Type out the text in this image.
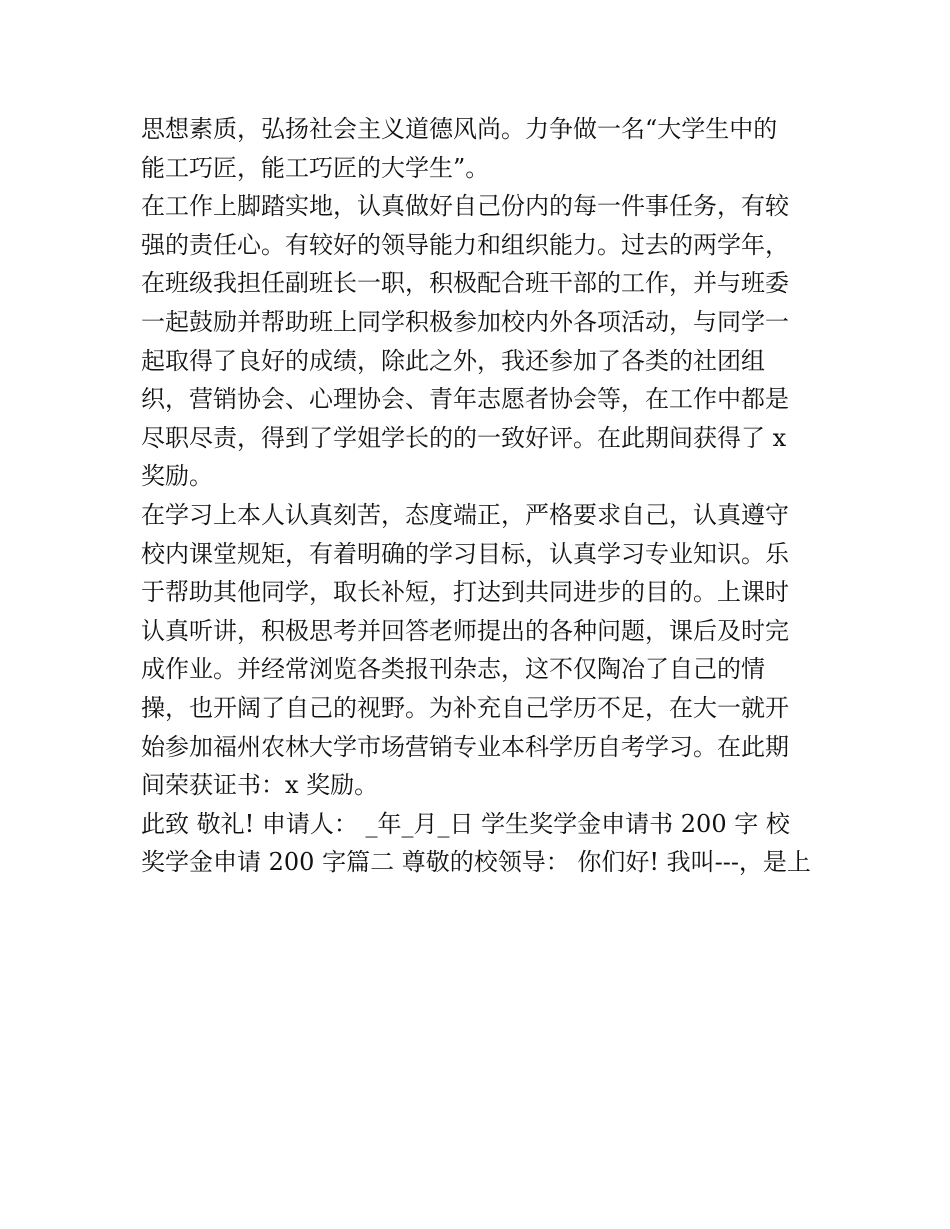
思想素质，弘扬社会主义道德风尚。力争做一名“大学生中的
能工巧匠，能工巧匠的大学生”。
在工作上脚踏实地，认真做好自己份内的每一件事任务，有较
强的责任心。有较好的领导能力和组织能力。过去的两学年，
在班级我担任副班长一职，积极配合班干部的工作，并与班委
一起鼓励并帮助班上同学积极参加校内外各项活动，与同学一
起取得了良好的成绩，除此之外，我还参加了各类的社团组
织，营销协会、心理协会、青年志愿者协会等，在工作中都是
尽职尽责，得到了学姐学长的的一致好评。在此期间获得了 x
奖励。
在学习上本人认真刻苦，态度端正，严格要求自己，认真遵守
校内课堂规矩，有着明确的学习目标，认真学习专业知识。乐
于帮助其他同学，取长补短，打达到共同进步的目的。上课时
认真听讲，积极思考并回答老师提出的各种问题，课后及时完
成作业。并经常浏览各类报刊杂志，这不仅陶冶了自己的情
操，也开阔了自己的视野。为补充自己学历不足，在大一就开
始参加福州农林大学市场营销专业本科学历自考学习。在此期
间荣获证书：x 奖励。
此致 敬礼! 申请人： _年_月_日 学生奖学金申请书 200 字 校
奖学金申请 200 字篇二 尊敬的校领导： 你们好! 我叫---，是上
